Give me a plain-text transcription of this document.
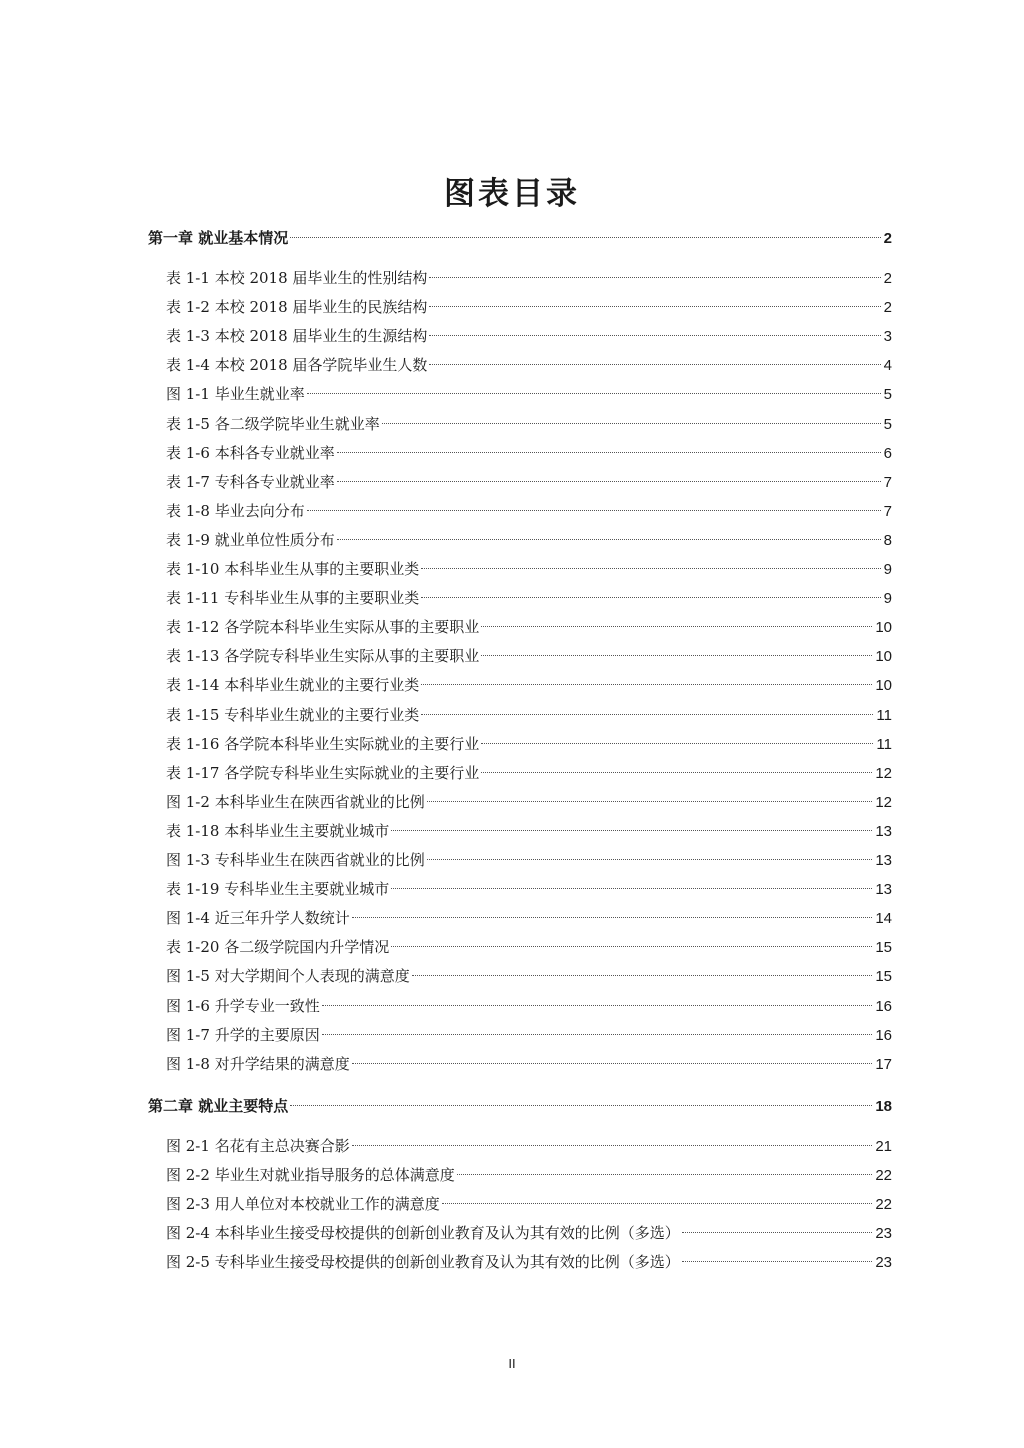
图表目录
第一章 就业基本情况	2
表 1-1 本校 2018 届毕业生的性别结构	2
表 1-2 本校 2018 届毕业生的民族结构	2
表 1-3 本校 2018 届毕业生的生源结构	3
表 1-4 本校 2018 届各学院毕业生人数	4
图 1-1 毕业生就业率	5
表 1-5 各二级学院毕业生就业率	5
表 1-6 本科各专业就业率	6
表 1-7 专科各专业就业率	7
表 1-8 毕业去向分布	7
表 1-9 就业单位性质分布	8
表 1-10 本科毕业生从事的主要职业类	9
表 1-11 专科毕业生从事的主要职业类	9
表 1-12 各学院本科毕业生实际从事的主要职业	10
表 1-13 各学院专科毕业生实际从事的主要职业	10
表 1-14 本科毕业生就业的主要行业类	10
表 1-15 专科毕业生就业的主要行业类	11
表 1-16 各学院本科毕业生实际就业的主要行业	11
表 1-17 各学院专科毕业生实际就业的主要行业	12
图 1-2 本科毕业生在陕西省就业的比例	12
表 1-18 本科毕业生主要就业城市	13
图 1-3 专科毕业生在陕西省就业的比例	13
表 1-19 专科毕业生主要就业城市	13
图 1-4 近三年升学人数统计	14
表 1-20 各二级学院国内升学情况	15
图 1-5 对大学期间个人表现的满意度	15
图 1-6 升学专业一致性	16
图 1-7 升学的主要原因	16
图 1-8 对升学结果的满意度	17
第二章 就业主要特点	18
图 2-1 名花有主总决赛合影	21
图 2-2 毕业生对就业指导服务的总体满意度	22
图 2-3 用人单位对本校就业工作的满意度	22
图 2-4 本科毕业生接受母校提供的创新创业教育及认为其有效的比例（多选）	23
图 2-5 专科毕业生接受母校提供的创新创业教育及认为其有效的比例（多选）	23
II
